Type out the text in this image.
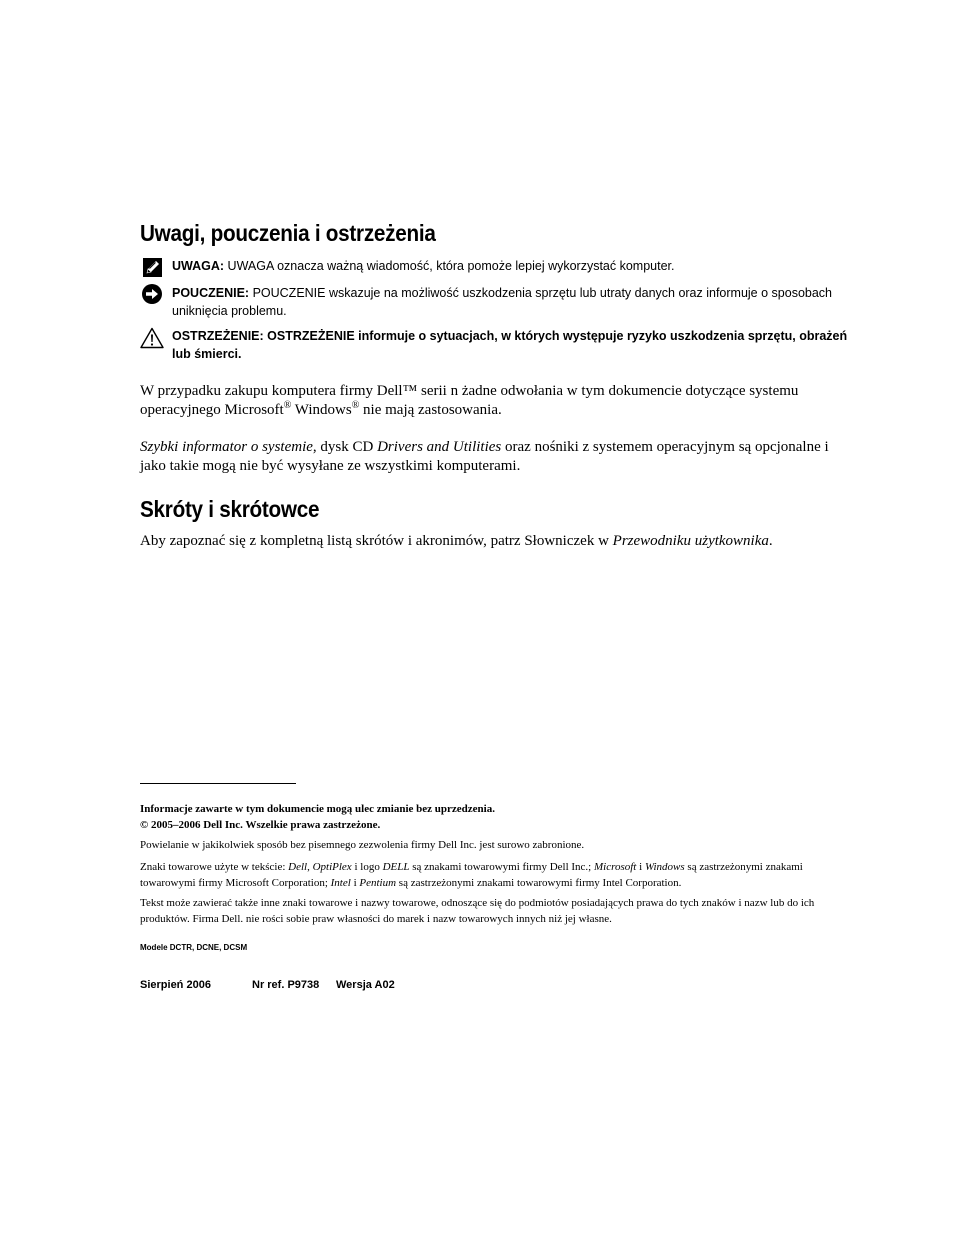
Uwagi, pouczenia i ostrzeżenia
UWAGA: UWAGA oznacza ważną wiadomość, która pomoże lepiej wykorzystać komputer.
POUCZENIE: POUCZENIE wskazuje na możliwość uszkodzenia sprzętu lub utraty danych oraz informuje o sposobach uniknięcia problemu.
OSTRZEŻENIE: OSTRZEŻENIE informuje o sytuacjach, w których występuje ryzyko uszkodzenia sprzętu, obrażeń lub śmierci.

W przypadku zakupu komputera firmy Dell™ serii n żadne odwołania w tym dokumencie dotyczące systemu operacyjnego Microsoft® Windows® nie mają zastosowania.

Szybki informator o systemie, dysk CD Drivers and Utilities oraz nośniki z systemem operacyjnym są opcjonalne i jako takie mogą nie być wysyłane ze wszystkimi komputerami.

Skróty i skrótowce

Aby zapoznać się z kompletną listą skrótów i akronimów, patrz Słowniczek w Przewodniku użytkownika.

Informacje zawarte w tym dokumencie mogą ulec zmianie bez uprzedzenia.
© 2005–2006 Dell Inc. Wszelkie prawa zastrzeżone.

Powielanie w jakikolwiek sposób bez pisemnego zezwolenia firmy Dell Inc. jest surowo zabronione.

Znaki towarowe użyte w tekście: Dell, OptiPlex i logo DELL są znakami towarowymi firmy Dell Inc.; Microsoft i Windows są zastrzeżonymi znakami towarowymi firmy Microsoft Corporation; Intel i Pentium są zastrzeżonymi znakami towarowymi firmy Intel Corporation.

Tekst może zawierać także inne znaki towarowe i nazwy towarowe, odnoszące się do podmiotów posiadających prawa do tych znaków i nazw lub do ich produktów. Firma Dell. nie rości sobie praw własności do marek i nazw towarowych innych niż jej własne.

Modele DCTR, DCNE, DCSM
Sierpień 2006	Nr ref. P9738 Wersja A02
